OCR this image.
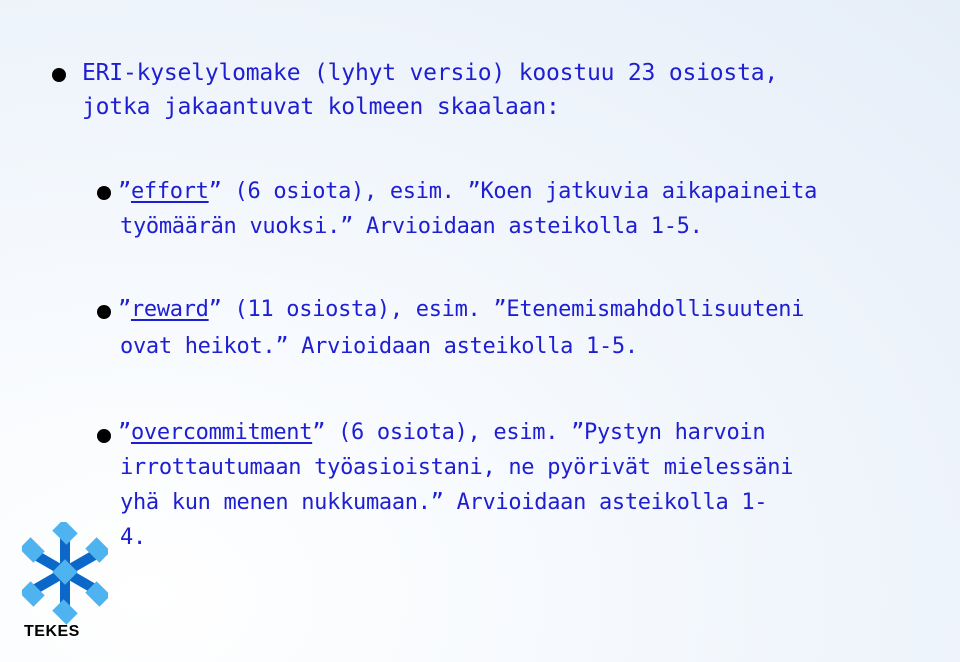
ERI-kyselylomake (lyhyt versio) koostuu 23 osiosta,
jotka jakaantuvat kolmeen skaalaan:
”effort” (6 osiota), esim. ”Koen jatkuvia aikapaineita
työmäärän vuoksi.” Arvioidaan asteikolla 1-5.
”reward” (11 osiosta), esim. ”Etenemismahdollisuuteni
ovat heikot.” Arvioidaan asteikolla 1-5.
”overcommitment” (6 osiota), esim. ”Pystyn harvoin
irrottautumaan työasioistani, ne pyörivät mielessäni
yhä kun menen nukkumaan.” Arvioidaan asteikolla 1-
4.
TEKES
